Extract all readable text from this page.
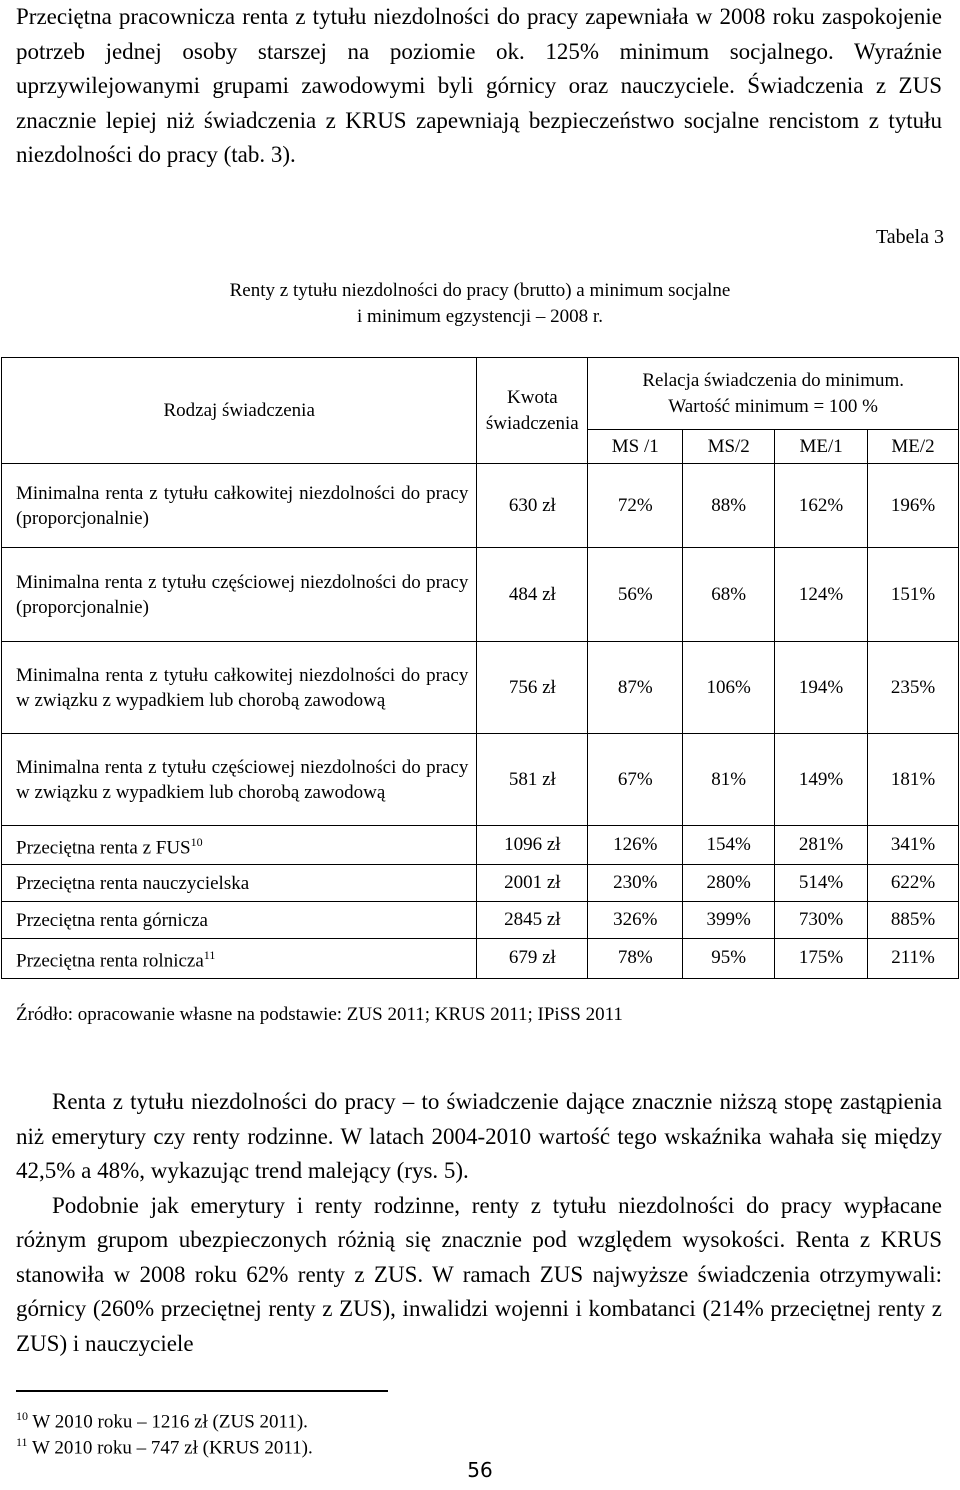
Przeciętna pracownicza renta z tytułu niezdolności do pracy zapewniała w 2008 roku zaspokojenie potrzeb jednej osoby starszej na poziomie ok. 125% minimum socjalnego. Wyraźnie uprzywilejowanymi grupami zawodowymi byli górnicy oraz nauczyciele. Świadczenia z ZUS znacznie lepiej niż świadczenia z KRUS zapewniają bezpieczeństwo socjalne rencistom z tytułu niezdolności do pracy (tab. 3).

Tabela 3
Renty z tytułu niezdolności do pracy (brutto) a minimum socjalne
i minimum egzystencji – 2008 r.
Rodzaj świadczenia	Kwota świadczenia	Relacja świadczenia do minimum.
Wartość minimum = 100 %			

		MS /1	MS/2	ME/1	ME/2
Minimalna renta z tytułu całkowitej niezdolności do pracy (proporcjonalnie)	630 zł	72%	88%	162%	196%
Minimalna renta z tytułu częściowej niezdolności do pracy (proporcjonalnie)	484 zł	56%	68%	124%	151%
Minimalna renta z tytułu całkowitej niezdolności do pracy w związku z wypadkiem lub chorobą zawodową	756 zł	87%	106%	194%	235%
Minimalna renta z tytułu częściowej niezdolności do pracy w związku z wypadkiem lub chorobą zawodową	581 zł	67%	81%	149%	181%
Przeciętna renta z FUS$^{10}$	1096 zł	126%	154%	281%	341%
Przeciętna renta nauczycielska	2001 zł	230%	280%	514%	622%
Przeciętna renta górnicza	2845 zł	326%	399%	730%	885%
Przeciętna renta rolnicza$^{11}$	679 zł	78%	95%	175%	211%
Źródło: opracowanie własne na podstawie: ZUS 2011; KRUS 2011; IPiSS 2011

Renta z tytułu niezdolności do pracy – to świadczenie dające znacznie niższą stopę zastąpienia niż emerytury czy renty rodzinne. W latach 2004-2010 wartość tego wskaźnika wahała się między 42,5% a 48%, wykazując trend malejący (rys. 5).

Podobnie jak emerytury i renty rodzinne, renty z tytułu niezdolności do pracy wypłacane różnym grupom ubezpieczonych różnią się znacznie pod względem wysokości. Renta z KRUS stanowiła w 2008 roku 62% renty z ZUS. W ramach ZUS najwyższe świadczenia otrzymywali: górnicy (260% przeciętnej renty z ZUS), inwalidzi wojenni i kombatanci (214% przeciętnej renty z ZUS) i nauczyciele

$^{10}$ W 2010 roku – 1216 zł (ZUS 2011).
$^{11}$ W 2010 roku – 747 zł (KRUS 2011).
56
